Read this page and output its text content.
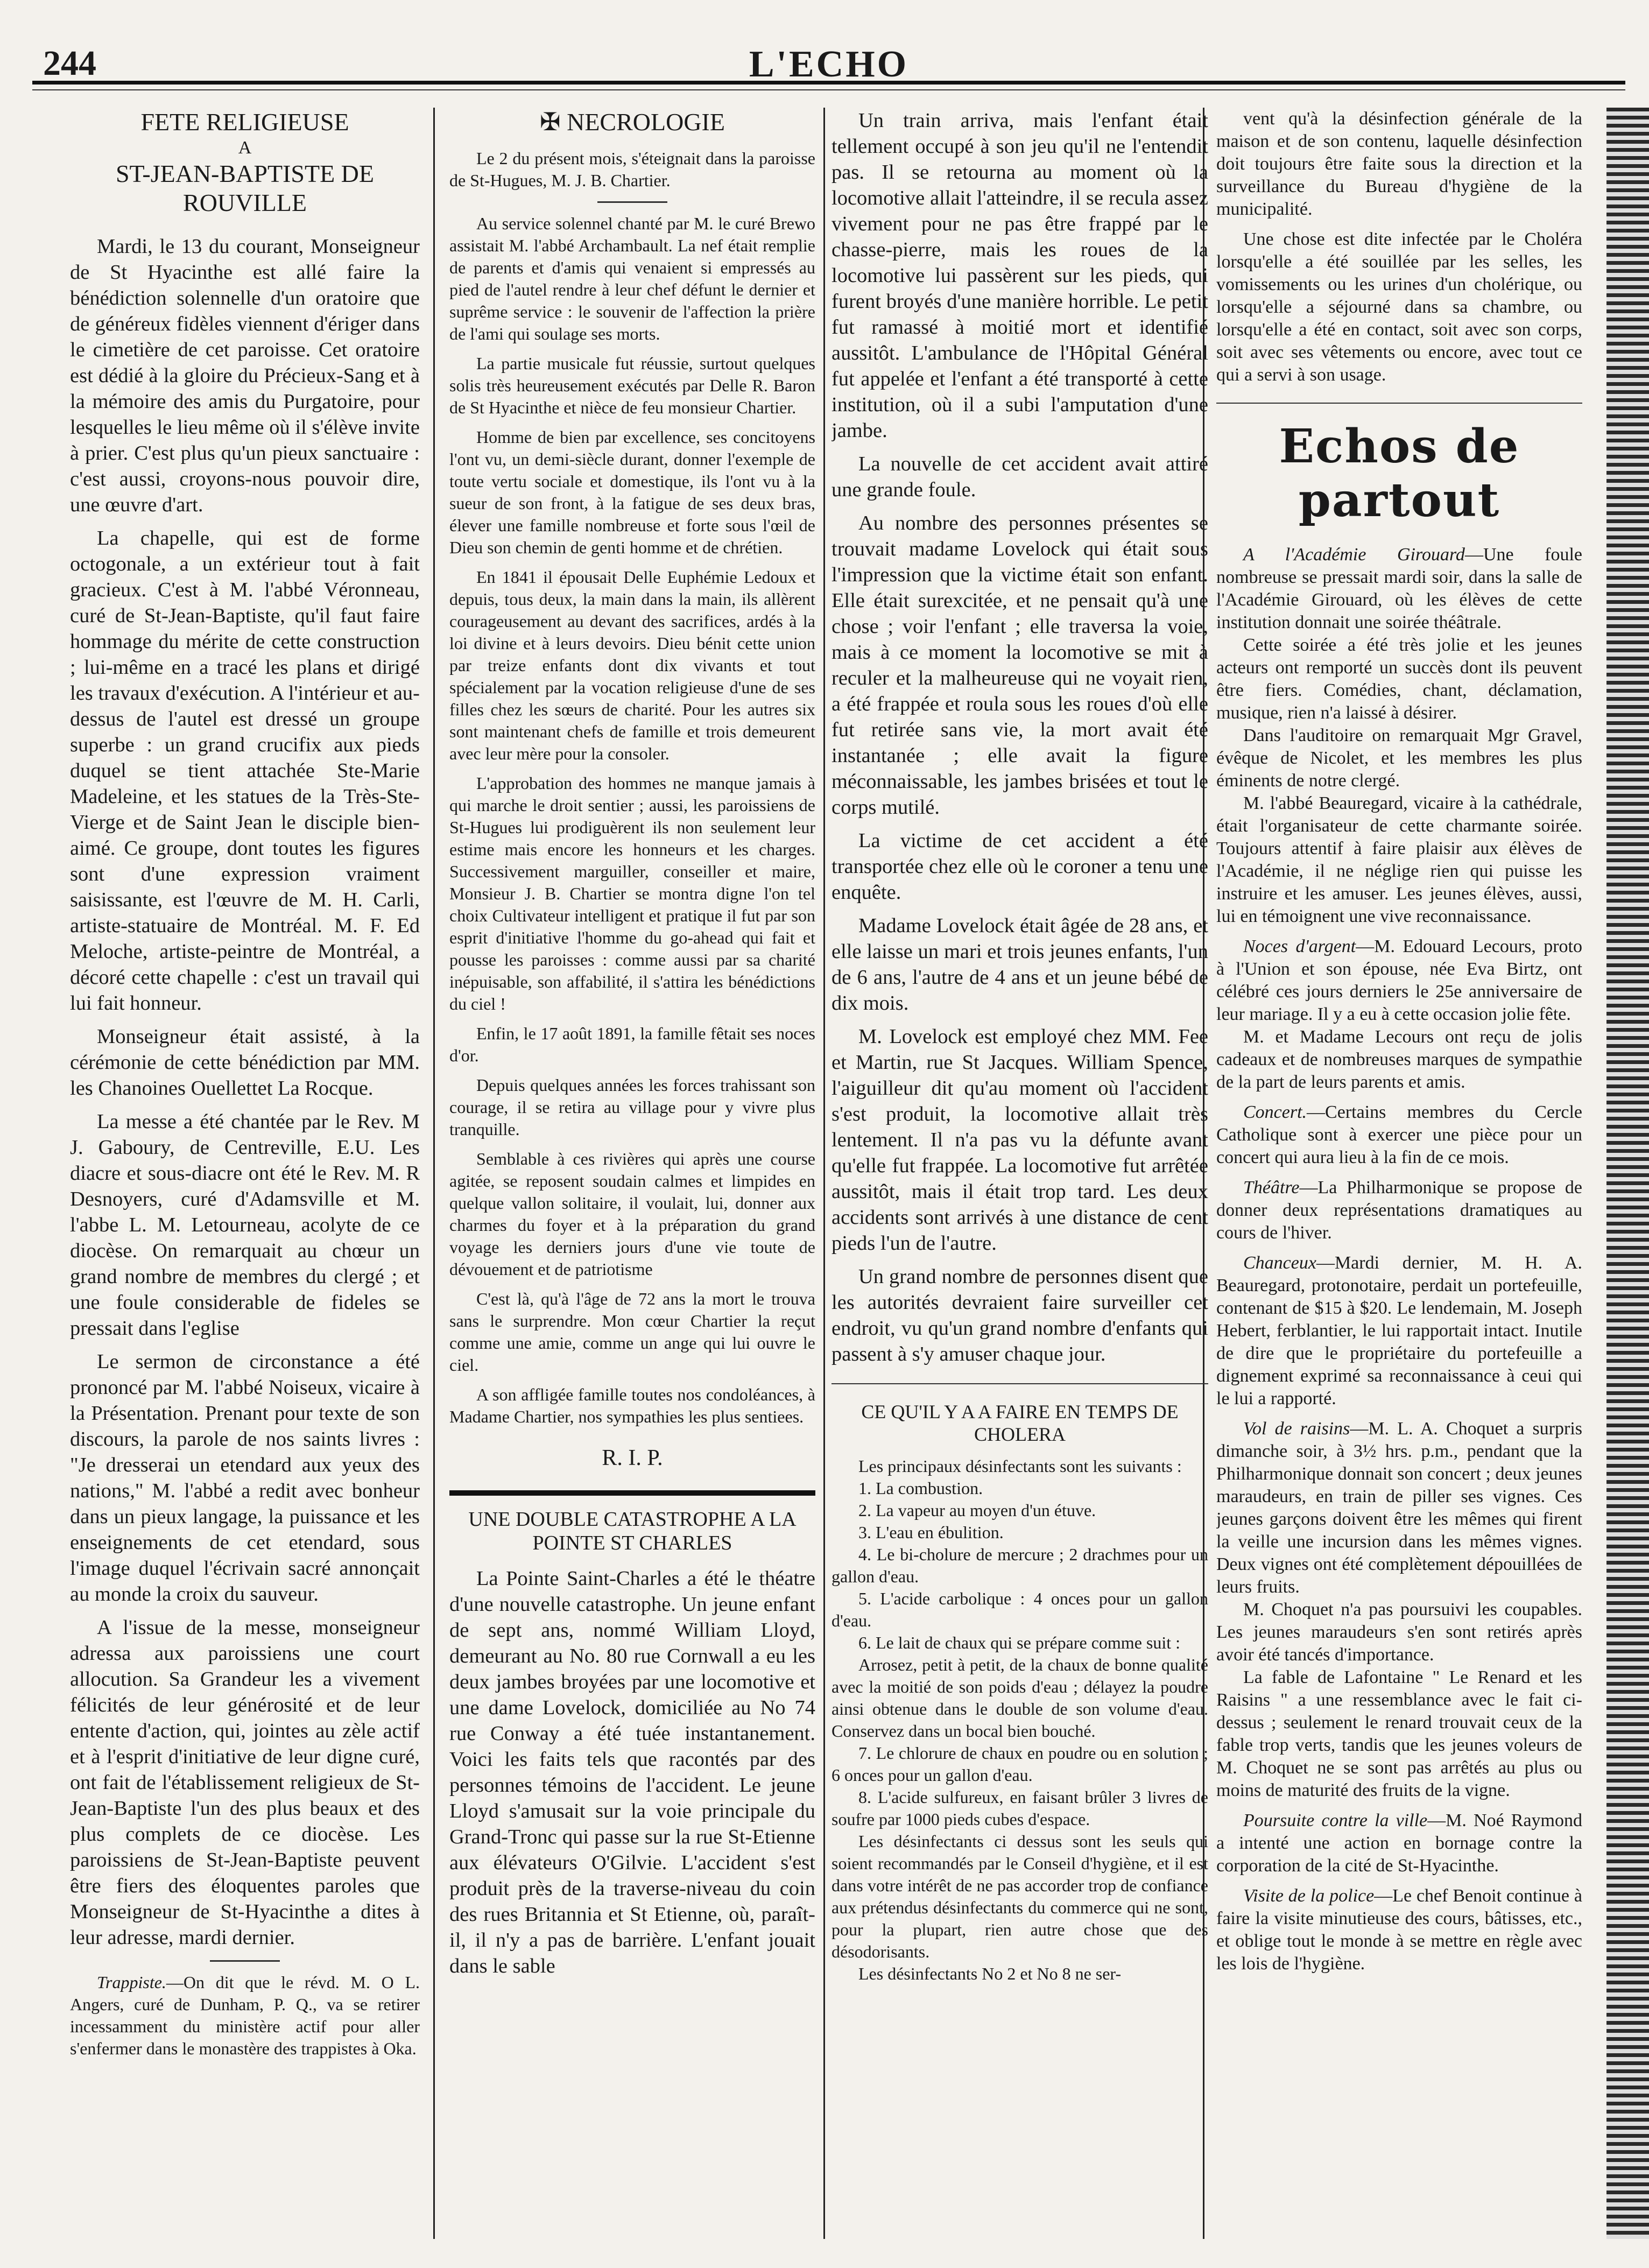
244	L'ECHO
FETE RELIGIEUSE
A
ST-JEAN-BAPTISTE DE ROUVILLE

Mardi, le 13 du courant, Monseigneur de St Hyacinthe est allé faire la bénédiction solennelle d'un oratoire que de généreux fidèles viennent d'ériger dans le cimetière de cet paroisse. Cet oratoire est dédié à la gloire du Précieux-Sang et à la mémoire des amis du Purgatoire, pour lesquelles le lieu même où il s'élève invite à prier. C'est plus qu'un pieux sanctuaire : c'est aussi, croyons-nous pouvoir dire, une œuvre d'art.

La chapelle, qui est de forme octogonale, a un extérieur tout à fait gracieux. C'est à M. l'abbé Véronneau, curé de St-Jean-Baptiste, qu'il faut faire hommage du mérite de cette construction ; lui-même en a tracé les plans et dirigé les travaux d'exécution. A l'intérieur et au-dessus de l'autel est dressé un groupe superbe : un grand crucifix aux pieds duquel se tient attachée Ste-Marie Madeleine, et les statues de la Très-Ste-Vierge et de Saint Jean le disciple bien-aimé. Ce groupe, dont toutes les figures sont d'une expression vraiment saisissante, est l'œuvre de M. H. Carli, artiste-statuaire de Montréal. M. F. Ed Meloche, artiste-peintre de Montréal, a décoré cette chapelle : c'est un travail qui lui fait honneur.

Monseigneur était assisté, à la cérémonie de cette bénédiction par MM. les Chanoines Ouellettet La Rocque.

La messe a été chantée par le Rev. M J. Gaboury, de Centreville, E.U. Les diacre et sous-diacre ont été le Rev. M. R Desnoyers, curé d'Adamsville et M. l'abbe L. M. Letourneau, acolyte de ce diocèse. On remarquait au chœur un grand nombre de membres du clergé ; et une foule considerable de fideles se pressait dans l'eglise

Le sermon de circonstance a été prononcé par M. l'abbé Noiseux, vicaire à la Présentation. Prenant pour texte de son discours, la parole de nos saints livres : "Je dresserai un etendard aux yeux des nations," M. l'abbé a redit avec bonheur dans un pieux langage, la puissance et les enseignements de cet etendard, sous l'image duquel l'écrivain sacré annonçait au monde la croix du sauveur.

A l'issue de la messe, monseigneur adressa aux paroissiens une court allocution. Sa Grandeur les a vivement félicités de leur générosité et de leur entente d'action, qui, jointes au zèle actif et à l'esprit d'initiative de leur digne curé, ont fait de l'établissement religieux de St-Jean-Baptiste l'un des plus beaux et des plus complets de ce diocèse. Les paroissiens de St-Jean-Baptiste peuvent être fiers des éloquentes paroles que Monseigneur de St-Hyacinthe a dites à leur adresse, mardi dernier.

Trappiste.—On dit que le révd. M. O L. Angers, curé de Dunham, P. Q., va se retirer incessamment du ministère actif pour aller s'enfermer dans le monastère des trappistes à Oka.

✠ NECROLOGIE

Le 2 du présent mois, s'éteignait dans la paroisse de St-Hugues, M. J. B. Chartier.

Au service solennel chanté par M. le curé Brewo assistait M. l'abbé Archambault. La nef était remplie de parents et d'amis qui venaient si empressés au pied de l'autel rendre à leur chef défunt le dernier et suprême service : le souvenir de l'affection la prière de l'ami qui soulage ses morts.

La partie musicale fut réussie, surtout quelques solis très heureusement exécutés par Delle R. Baron de St Hyacinthe et nièce de feu monsieur Chartier.

Homme de bien par excellence, ses concitoyens l'ont vu, un demi-siècle durant, donner l'exemple de toute vertu sociale et domestique, ils l'ont vu à la sueur de son front, à la fatigue de ses deux bras, élever une famille nombreuse et forte sous l'œil de Dieu son chemin de genti homme et de chrétien.

En 1841 il épousait Delle Euphémie Ledoux et depuis, tous deux, la main dans la main, ils allèrent courageusement au devant des sacrifices, ardés à la loi divine et à leurs devoirs. Dieu bénit cette union par treize enfants dont dix vivants et tout spécialement par la vocation religieuse d'une de ses filles chez les sœurs de charité. Pour les autres six sont maintenant chefs de famille et trois demeurent avec leur mère pour la consoler.

L'approbation des hommes ne manque jamais à qui marche le droit sentier ; aussi, les paroissiens de St-Hugues lui prodiguèrent ils non seulement leur estime mais encore les honneurs et les charges. Successivement marguiller, conseiller et maire, Monsieur J. B. Chartier se montra digne l'on tel choix Cultivateur intelligent et pratique il fut par son esprit d'initiative l'homme du go-ahead qui fait et pousse les paroisses : comme aussi par sa charité inépuisable, son affabilité, il s'attira les bénédictions du ciel !

Enfin, le 17 août 1891, la famille fêtait ses noces d'or.

Depuis quelques années les forces trahissant son courage, il se retira au village pour y vivre plus tranquille.

Semblable à ces rivières qui après une course agitée, se reposent soudain calmes et limpides en quelque vallon solitaire, il voulait, lui, donner aux charmes du foyer et à la préparation du grand voyage les derniers jours d'une vie toute de dévouement et de patriotisme

C'est là, qu'à l'âge de 72 ans la mort le trouva sans le surprendre. Mon cœur Chartier la reçut comme une amie, comme un ange qui lui ouvre le ciel.

A son affligée famille toutes nos condoléances, à Madame Chartier, nos sympathies les plus sentiees.

R. I. P.
UNE DOUBLE CATASTROPHE A LA POINTE ST CHARLES

La Pointe Saint-Charles a été le théatre d'une nouvelle catastrophe. Un jeune enfant de sept ans, nommé William Lloyd, demeurant au No. 80 rue Cornwall a eu les deux jambes broyées par une locomotive et une dame Lovelock, domiciliée au No 74 rue Conway a été tuée instantanement. Voici les faits tels que racontés par des personnes témoins de l'accident. Le jeune Lloyd s'amusait sur la voie principale du Grand-Tronc qui passe sur la rue St-Etienne aux élévateurs O'Gilvie. L'accident s'est produit près de la traverse-niveau du coin des rues Britannia et St Etienne, où, paraît-il, il n'y a pas de barrière. L'enfant jouait dans le sable

Un train arriva, mais l'enfant était tellement occupé à son jeu qu'il ne l'entendit pas. Il se retourna au moment où la locomotive allait l'atteindre, il se recula assez vivement pour ne pas être frappé par le chasse-pierre, mais les roues de la locomotive lui passèrent sur les pieds, qui furent broyés d'une manière horrible. Le petit fut ramassé à moitié mort et identifié aussitôt. L'ambulance de l'Hôpital Général fut appelée et l'enfant a été transporté à cette institution, où il a subi l'amputation d'une jambe.

La nouvelle de cet accident avait attiré une grande foule.

Au nombre des personnes présentes se trouvait madame Lovelock qui était sous l'impression que la victime était son enfant. Elle était surexcitée, et ne pensait qu'à une chose ; voir l'enfant ; elle traversa la voie, mais à ce moment la locomotive se mit à reculer et la malheureuse qui ne voyait rien, a été frappée et roula sous les roues d'où elle fut retirée sans vie, la mort avait été instantanée ; elle avait la figure méconnaissable, les jambes brisées et tout le corps mutilé.

La victime de cet accident a été transportée chez elle où le coroner a tenu une enquête.

Madame Lovelock était âgée de 28 ans, et elle laisse un mari et trois jeunes enfants, l'un de 6 ans, l'autre de 4 ans et un jeune bébé de dix mois.

M. Lovelock est employé chez MM. Fee et Martin, rue St Jacques. William Spence, l'aiguilleur dit qu'au moment où l'accident s'est produit, la locomotive allait très lentement. Il n'a pas vu la défunte avant qu'elle fut frappée. La locomotive fut arrêtée aussitôt, mais il était trop tard. Les deux accidents sont arrivés à une distance de cent pieds l'un de l'autre.

Un grand nombre de personnes disent que les autorités devraient faire surveiller cet endroit, vu qu'un grand nombre d'enfants qui passent à s'y amuser chaque jour.

CE QU'IL Y A A FAIRE EN TEMPS DE CHOLERA

Les principaux désinfectants sont les suivants :

1. La combustion.

2. La vapeur au moyen d'un étuve.

3. L'eau en ébulition.

4. Le bi-cholure de mercure ; 2 drachmes pour un gallon d'eau.

5. L'acide carbolique : 4 onces pour un gallon d'eau.

6. Le lait de chaux qui se prépare comme suit :

Arrosez, petit à petit, de la chaux de bonne qualité avec la moitié de son poids d'eau ; délayez la poudre ainsi obtenue dans le double de son volume d'eau. Conservez dans un bocal bien bouché.

7. Le chlorure de chaux en poudre ou en solution ; 6 onces pour un gallon d'eau.

8. L'acide sulfureux, en faisant brûler 3 livres de soufre par 1000 pieds cubes d'espace.

Les désinfectants ci dessus sont les seuls qui soient recommandés par le Conseil d'hygiène, et il est dans votre intérêt de ne pas accorder trop de confiance aux prétendus désinfectants du commerce qui ne sont, pour la plupart, rien autre chose que des désodorisants.

Les désinfectants No 2 et No 8 ne ser-

vent qu'à la désinfection générale de la maison et de son contenu, laquelle désinfection doit toujours être faite sous la direction et la surveillance du Bureau d'hygiène de la municipalité.

Une chose est dite infectée par le Choléra lorsqu'elle a été souillée par les selles, les vomissements ou les urines d'un cholérique, ou lorsqu'elle a séjourné dans sa chambre, ou lorsqu'elle a été en contact, soit avec son corps, soit avec ses vêtements ou encore, avec tout ce qui a servi à son usage.

Echos de partout

A l'Académie Girouard—Une foule nombreuse se pressait mardi soir, dans la salle de l'Académie Girouard, où les élèves de cette institution donnait une soirée théâtrale.

Cette soirée a été très jolie et les jeunes acteurs ont remporté un succès dont ils peuvent être fiers. Comédies, chant, déclamation, musique, rien n'a laissé à désirer.

Dans l'auditoire on remarquait Mgr Gravel, évêque de Nicolet, et les membres les plus éminents de notre clergé.

M. l'abbé Beauregard, vicaire à la cathédrale, était l'organisateur de cette charmante soirée. Toujours attentif à faire plaisir aux élèves de l'Académie, il ne néglige rien qui puisse les instruire et les amuser. Les jeunes élèves, aussi, lui en témoignent une vive reconnaissance.

Noces d'argent—M. Edouard Lecours, proto à l'Union et son épouse, née Eva Birtz, ont célébré ces jours derniers le 25e anniversaire de leur mariage. Il y a eu à cette occasion jolie fête.

M. et Madame Lecours ont reçu de jolis cadeaux et de nombreuses marques de sympathie de la part de leurs parents et amis.

Concert.—Certains membres du Cercle Catholique sont à exercer une pièce pour un concert qui aura lieu à la fin de ce mois.

Théâtre—La Philharmonique se propose de donner deux représentations dramatiques au cours de l'hiver.

Chanceux—Mardi dernier, M. H. A. Beauregard, protonotaire, perdait un portefeuille, contenant de $15 à $20. Le lendemain, M. Joseph Hebert, ferblantier, le lui rapportait intact. Inutile de dire que le propriétaire du portefeuille a dignement exprimé sa reconnaissance à ceui qui le lui a rapporté.

Vol de raisins—M. L. A. Choquet a surpris dimanche soir, à 3½ hrs. p.m., pendant que la Philharmonique donnait son concert ; deux jeunes maraudeurs, en train de piller ses vignes. Ces jeunes garçons doivent être les mêmes qui firent la veille une incursion dans les mêmes vignes. Deux vignes ont été complètement dépouillées de leurs fruits.

M. Choquet n'a pas poursuivi les coupables. Les jeunes maraudeurs s'en sont retirés après avoir été tancés d'importance.

La fable de Lafontaine " Le Renard et les Raisins " a une ressemblance avec le fait ci-dessus ; seulement le renard trouvait ceux de la fable trop verts, tandis que les jeunes voleurs de M. Choquet ne se sont pas arrêtés au plus ou moins de maturité des fruits de la vigne.

Poursuite contre la ville—M. Noé Raymond a intenté une action en bornage contre la corporation de la cité de St-Hyacinthe.

Visite de la police—Le chef Benoit continue à faire la visite minutieuse des cours, bâtisses, etc., et oblige tout le monde à se mettre en règle avec les lois de l'hygiène.
